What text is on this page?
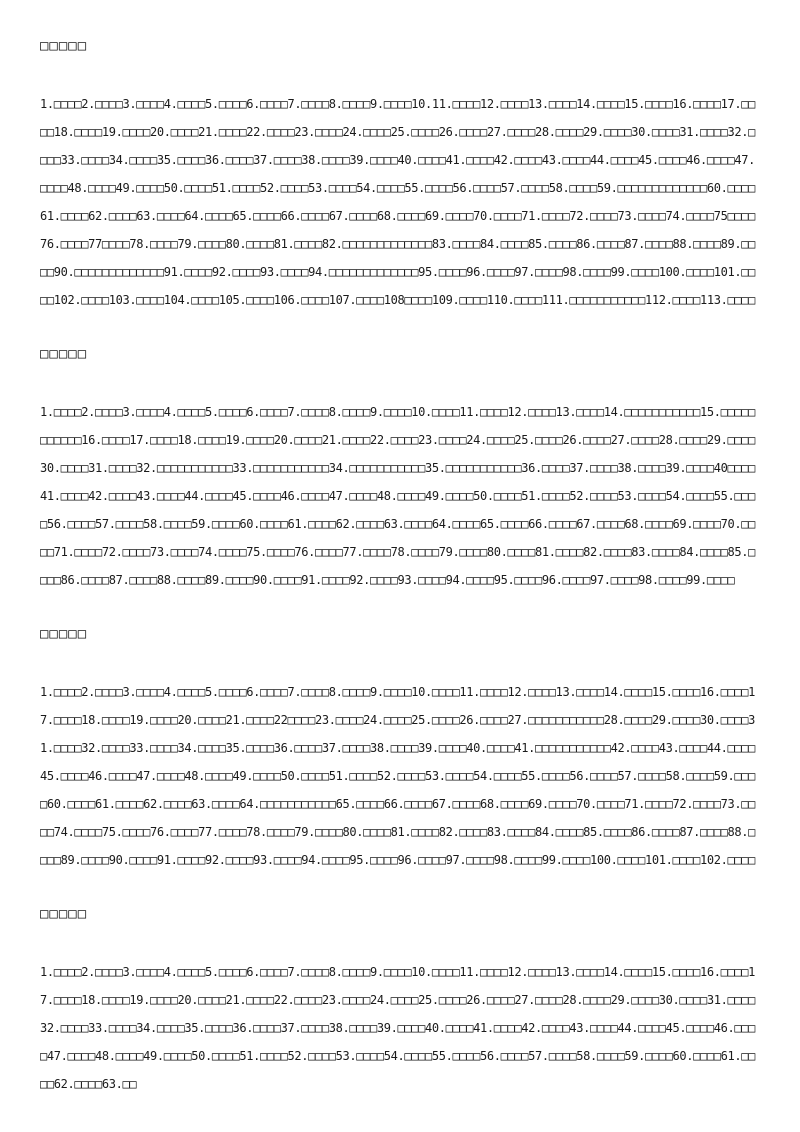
□□□□□
1.□□□□2.□□□□3.□□□□4.□□□□5.□□□□6.□□□□7.□□□□8.□□□□9.□□□□10.11.□□□□12.□□□□13.□□□□14.□□□□15.□□□□16.□□□□17.□□□□18.□□□□19.□□□□20.□□□□21.□□□□22.□□□□23.□□□□24.□□□□25.□□□□26.□□□□27.□□□□28.□□□□29.□□□□30.□□□□31.□□□□32.□□□□33.□□□□34.□□□□35.□□□□36.□□□□37.□□□□38.□□□□39.□□□□40.□□□□41.□□□□42.□□□□43.□□□□44.□□□□45.□□□□46.□□□□47.□□□□48.□□□□49.□□□□50.□□□□51.□□□□52.□□□□53.□□□□54.□□□□55.□□□□56.□□□□57.□□□□58.□□□□59.□□□□□□□□□□□□□60.□□□□61.□□□□62.□□□□63.□□□□64.□□□□65.□□□□66.□□□□67.□□□□68.□□□□69.□□□□70.□□□□71.□□□□72.□□□□73.□□□□74.□□□□75□□□□76.□□□□77□□□□78.□□□□79.□□□□80.□□□□81.□□□□82.□□□□□□□□□□□□□83.□□□□84.□□□□85.□□□□86.□□□□87.□□□□88.□□□□89.□□□□90.□□□□□□□□□□□□□91.□□□□92.□□□□93.□□□□94.□□□□□□□□□□□□□95.□□□□96.□□□□97.□□□□98.□□□□99.□□□□100.□□□□101.□□□□102.□□□□103.□□□□104.□□□□105.□□□□106.□□□□107.□□□□108□□□□109.□□□□110.□□□□111.□□□□□□□□□□□112.□□□□113.□□□□
□□□□□
1.□□□□2.□□□□3.□□□□4.□□□□5.□□□□6.□□□□7.□□□□8.□□□□9.□□□□10.□□□□11.□□□□12.□□□□13.□□□□14.□□□□□□□□□□□15.□□□□□□□□□□□16.□□□□17.□□□□18.□□□□19.□□□□20.□□□□21.□□□□22.□□□□23.□□□□24.□□□□25.□□□□26.□□□□27.□□□□28.□□□□29.□□□□30.□□□□31.□□□□32.□□□□□□□□□□□33.□□□□□□□□□□□34.□□□□□□□□□□□35.□□□□□□□□□□□36.□□□□37.□□□□38.□□□□39.□□□□40□□□□41.□□□□42.□□□□43.□□□□44.□□□□45.□□□□46.□□□□47.□□□□48.□□□□49.□□□□50.□□□□51.□□□□52.□□□□53.□□□□54.□□□□55.□□□□56.□□□□57.□□□□58.□□□□59.□□□□60.□□□□61.□□□□62.□□□□63.□□□□64.□□□□65.□□□□66.□□□□67.□□□□68.□□□□69.□□□□70.□□□□71.□□□□72.□□□□73.□□□□74.□□□□75.□□□□76.□□□□77.□□□□78.□□□□79.□□□□80.□□□□81.□□□□82.□□□□83.□□□□84.□□□□85.□□□□86.□□□□87.□□□□88.□□□□89.□□□□90.□□□□91.□□□□92.□□□□93.□□□□94.□□□□95.□□□□96.□□□□97.□□□□98.□□□□99.□□□□
□□□□□
1.□□□□2.□□□□3.□□□□4.□□□□5.□□□□6.□□□□7.□□□□8.□□□□9.□□□□10.□□□□11.□□□□12.□□□□13.□□□□14.□□□□15.□□□□16.□□□□17.□□□□18.□□□□19.□□□□20.□□□□21.□□□□22□□□□23.□□□□24.□□□□25.□□□□26.□□□□27.□□□□□□□□□□□28.□□□□29.□□□□30.□□□□31.□□□□32.□□□□33.□□□□34.□□□□35.□□□□36.□□□□37.□□□□38.□□□□39.□□□□40.□□□□41.□□□□□□□□□□□42.□□□□43.□□□□44.□□□□45.□□□□46.□□□□47.□□□□48.□□□□49.□□□□50.□□□□51.□□□□52.□□□□53.□□□□54.□□□□55.□□□□56.□□□□57.□□□□58.□□□□59.□□□□60.□□□□61.□□□□62.□□□□63.□□□□64.□□□□□□□□□□□65.□□□□66.□□□□67.□□□□68.□□□□69.□□□□70.□□□□71.□□□□72.□□□□73.□□□□74.□□□□75.□□□□76.□□□□77.□□□□78.□□□□79.□□□□80.□□□□81.□□□□82.□□□□83.□□□□84.□□□□85.□□□□86.□□□□87.□□□□88.□□□□89.□□□□90.□□□□91.□□□□92.□□□□93.□□□□94.□□□□95.□□□□96.□□□□97.□□□□98.□□□□99.□□□□100.□□□□101.□□□□102.□□□□
□□□□□
1.□□□□2.□□□□3.□□□□4.□□□□5.□□□□6.□□□□7.□□□□8.□□□□9.□□□□10.□□□□11.□□□□12.□□□□13.□□□□14.□□□□15.□□□□16.□□□□17.□□□□18.□□□□19.□□□□20.□□□□21.□□□□22.□□□□23.□□□□24.□□□□25.□□□□26.□□□□27.□□□□28.□□□□29.□□□□30.□□□□31.□□□□32.□□□□33.□□□□34.□□□□35.□□□□36.□□□□37.□□□□38.□□□□39.□□□□40.□□□□41.□□□□42.□□□□43.□□□□44.□□□□45.□□□□46.□□□□47.□□□□48.□□□□49.□□□□50.□□□□51.□□□□52.□□□□53.□□□□54.□□□□55.□□□□56.□□□□57.□□□□58.□□□□59.□□□□60.□□□□61.□□□□62.□□□□63.□□
